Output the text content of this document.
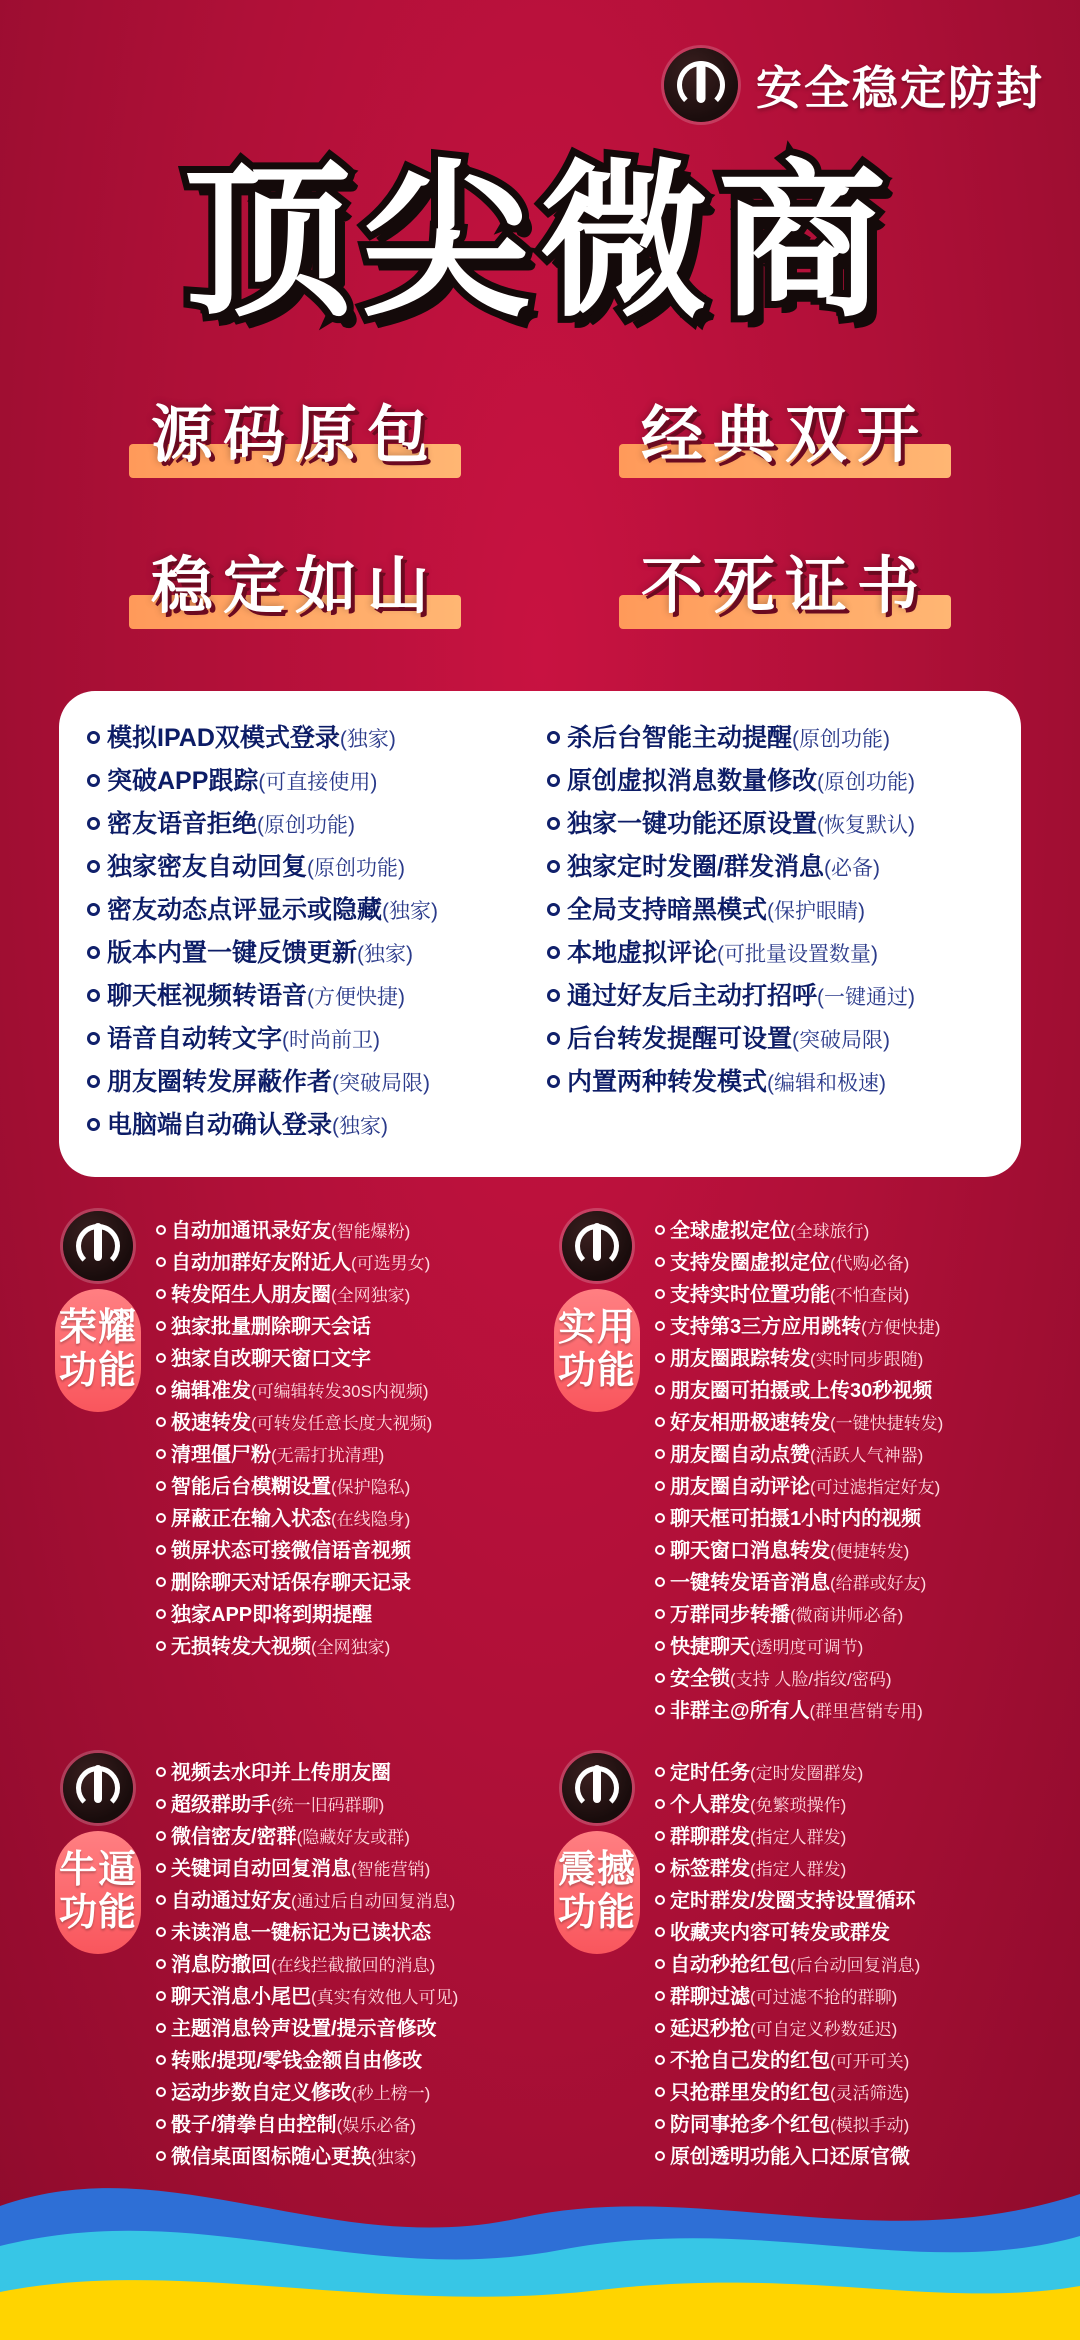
安全稳定防封
顶尖微商
源码原包	经典双开
稳定如山	不死证书
模拟IPAD双模式登录 (独家)
突破APP跟踪 (可直接使用)
密友语音拒绝 (原创功能)
独家密友自动回复 (原创功能)
密友动态点评显示或隐藏 (独家)
版本内置一键反馈更新 (独家)
聊天框视频转语音 (方便快捷)
语音自动转文字 (时尚前卫)
朋友圈转发屏蔽作者 (突破局限)
电脑端自动确认登录 (独家)
杀后台智能主动提醒 (原创功能)
原创虚拟消息数量修改 (原创功能)
独家一键功能还原设置 (恢复默认)
独家定时发圈/群发消息 (必备)
全局支持暗黑模式 (保护眼睛)
本地虚拟评论 (可批量设置数量)
通过好友后主动打招呼 (一键通过)
后台转发提醒可设置 (突破局限)
内置两种转发模式 (编辑和极速)
荣耀功能
自动加通讯录好友 (智能爆粉)
自动加群好友附近人 (可选男女)
转发陌生人朋友圈 (全网独家)
独家批量删除聊天会话
独家自改聊天窗口文字
编辑准发 (可编辑转发30S内视频)
极速转发 (可转发任意长度大视频)
清理僵尸粉 (无需打扰清理)
智能后台模糊设置 (保护隐私)
屏蔽正在输入状态 (在线隐身)
锁屏状态可接微信语音视频
删除聊天对话保存聊天记录
独家APP即将到期提醒
无损转发大视频 (全网独家)
实用功能
全球虚拟定位 (全球旅行)
支持发圈虚拟定位 (代购必备)
支持实时位置功能 (不怕查岗)
支持第3三方应用跳转 (方便快捷)
朋友圈跟踪转发 (实时同步跟随)
朋友圈可拍摄或上传30秒视频
好友相册极速转发 (一键快捷转发)
朋友圈自动点赞 (活跃人气神器)
朋友圈自动评论 (可过滤指定好友)
聊天框可拍摄1小时内的视频
聊天窗口消息转发 (便捷转发)
一键转发语音消息 (给群或好友)
万群同步转播 (微商讲师必备)
快捷聊天 (透明度可调节)
安全锁 (支持 人脸/指纹/密码)
非群主@所有人 (群里营销专用)
牛逼功能
视频去水印并上传朋友圈
超级群助手 (统一旧码群聊)
微信密友/密群 (隐藏好友或群)
关键词自动回复消息 (智能营销)
自动通过好友 (通过后自动回复消息)
未读消息一键标记为已读状态
消息防撤回 (在线拦截撤回的消息)
聊天消息小尾巴 (真实有效他人可见)
主题消息铃声设置/提示音修改
转账/提现/零钱金额自由修改
运动步数自定义修改 (秒上榜一)
骰子/猜拳自由控制 (娱乐必备)
微信桌面图标随心更换 (独家)
震撼功能
定时任务 (定时发圈群发)
个人群发 (免繁琐操作)
群聊群发 (指定人群发)
标签群发 (指定人群发)
定时群发/发圈支持设置循环
收藏夹内容可转发或群发
自动秒抢红包 (后台动回复消息)
群聊过滤 (可过滤不抢的群聊)
延迟秒抢 (可自定义秒数延迟)
不抢自己发的红包 (可开可关)
只抢群里发的红包 (灵活筛选)
防同事抢多个红包 (模拟手动)
原创透明功能入口还原官微
